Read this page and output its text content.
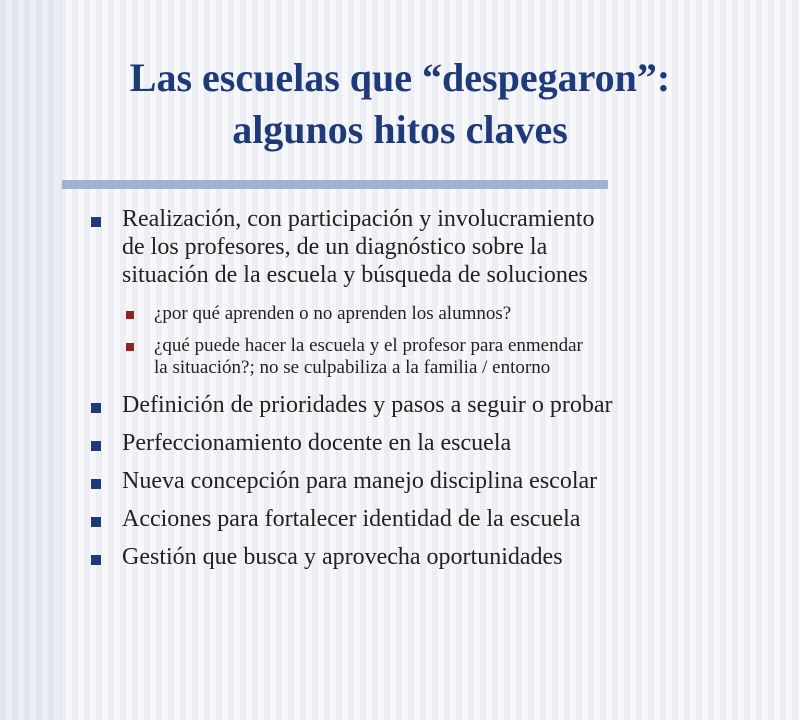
Las escuelas que “despegaron”:
algunos hitos claves
Realización, con participación y involucramiento
de los profesores, de un diagnóstico sobre la
situación de la escuela y búsqueda de soluciones
¿por qué aprenden o no aprenden los alumnos?
¿qué puede hacer la escuela y el profesor para enmendar
la situación?; no se culpabiliza a la familia / entorno
Definición de prioridades y pasos a seguir o probar
Perfeccionamiento docente en la escuela
Nueva concepción para manejo disciplina escolar
Acciones para fortalecer identidad de la escuela
Gestión que busca y aprovecha oportunidades
